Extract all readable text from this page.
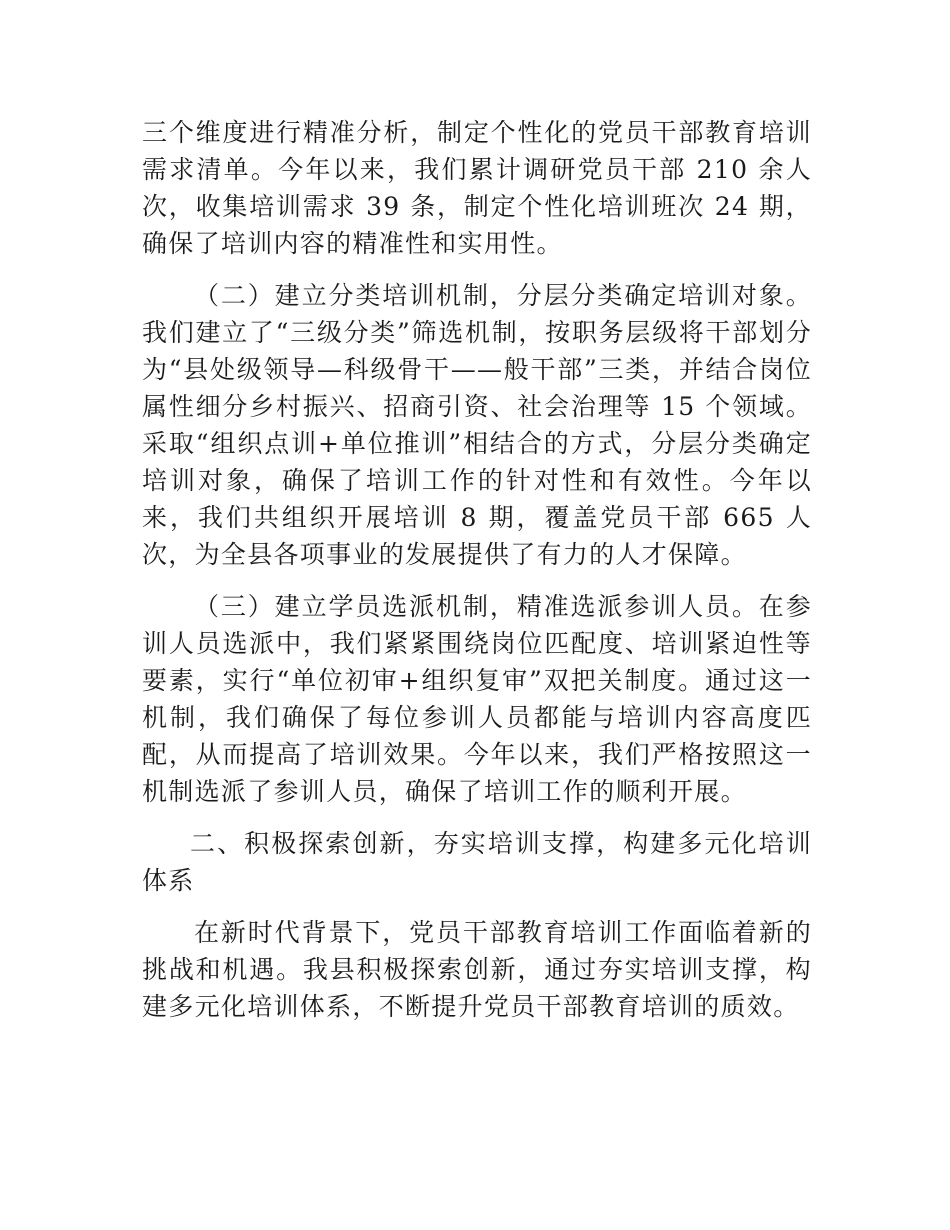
三个维度进行精准分析，制定个性化的党员干部教育培训需求清单。今年以来，我们累计调研党员干部 210 余人次，收集培训需求 39 条，制定个性化培训班次 24 期，确保了培训内容的精准性和实用性。

（二）建立分类培训机制，分层分类确定培训对象。我们建立了“三级分类”筛选机制，按职务层级将干部划分为“县处级领导—科级骨干——般干部”三类，并结合岗位属性细分乡村振兴、招商引资、社会治理等 15 个领域。采取“组织点训+单位推训”相结合的方式，分层分类确定培训对象，确保了培训工作的针对性和有效性。今年以来，我们共组织开展培训 8 期，覆盖党员干部 665 人次，为全县各项事业的发展提供了有力的人才保障。

（三）建立学员选派机制，精准选派参训人员。在参训人员选派中，我们紧紧围绕岗位匹配度、培训紧迫性等要素，实行“单位初审+组织复审”双把关制度。通过这一机制，我们确保了每位参训人员都能与培训内容高度匹配，从而提高了培训效果。今年以来，我们严格按照这一机制选派了参训人员，确保了培训工作的顺利开展。

二、积极探索创新，夯实培训支撑，构建多元化培训体系

在新时代背景下，党员干部教育培训工作面临着新的挑战和机遇。我县积极探索创新，通过夯实培训支撑，构建多元化培训体系，不断提升党员干部教育培训的质效。
